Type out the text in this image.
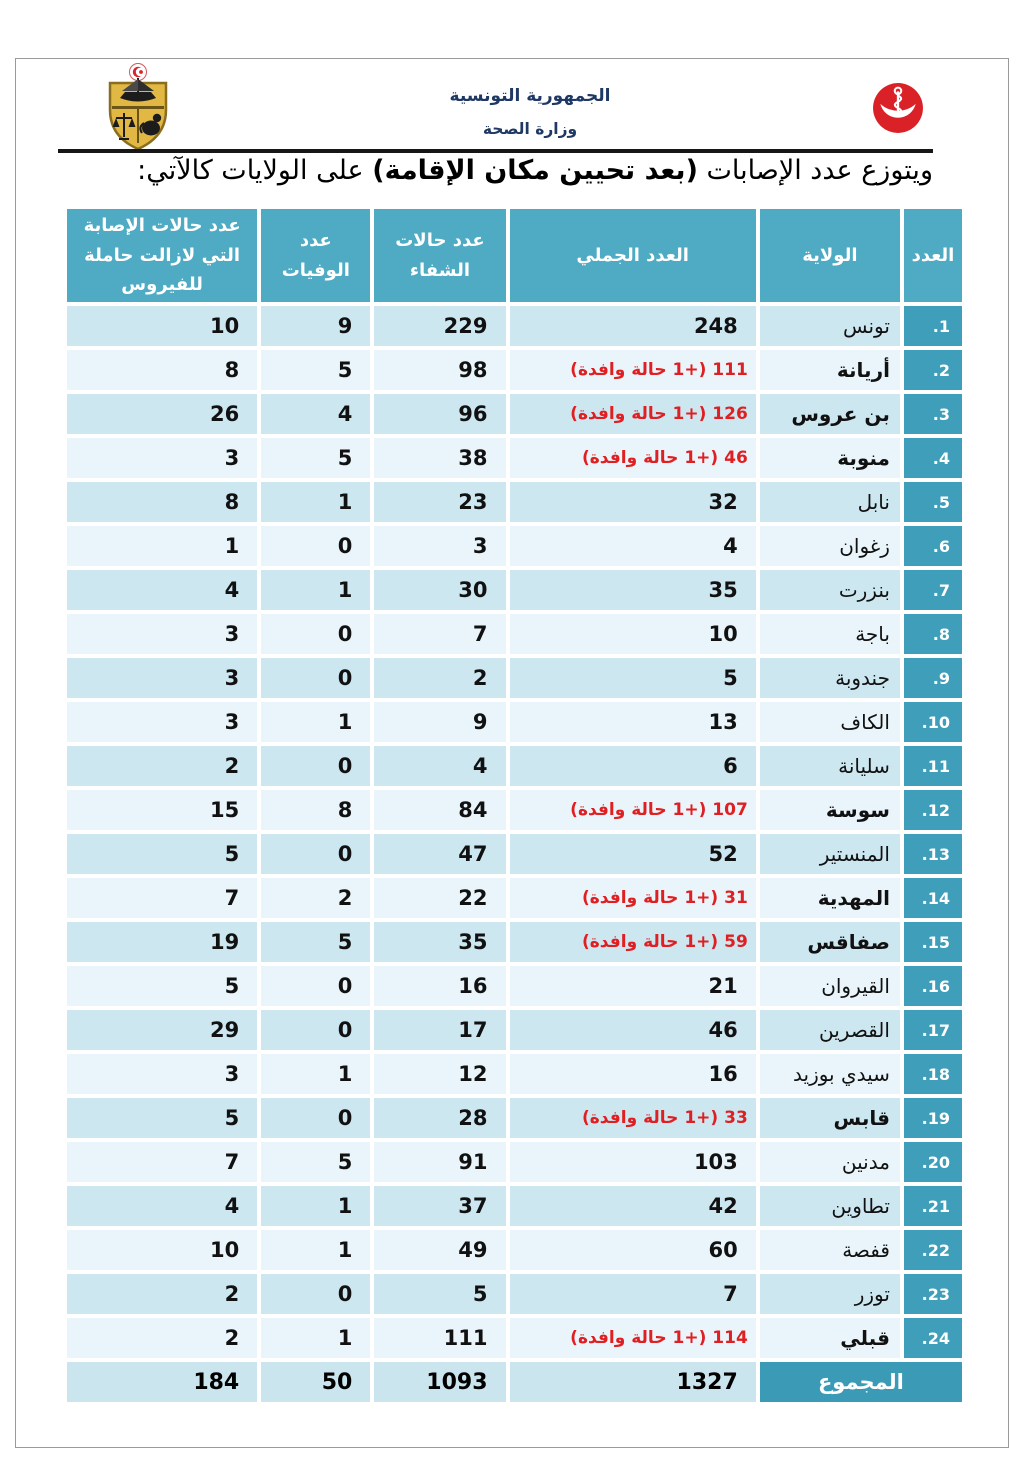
الجمهورية التونسية
وزارة الصحة
ويتوزع عدد الإصابات (بعد تحيين مكان الإقامة) على الولايات كالآتي:
العدد	الولاية	العدد الجملي	عدد حالات الشفاء	عدد الوفيات	عدد حالات الإصابة التي لازالت حاملة للفيروس
1.	تونس	248	229	9	10
2.	أريانة	111 (+1 حالة وافدة)	98	5	8
3.	بن عروس	126 (+1 حالة وافدة)	96	4	26
4.	منوبة	46 (+1 حالة وافدة)	38	5	3
5.	نابل	32	23	1	8
6.	زغوان	4	3	0	1
7.	بنزرت	35	30	1	4
8.	باجة	10	7	0	3
9.	جندوبة	5	2	0	3
10.	الكاف	13	9	1	3
11.	سليانة	6	4	0	2
12.	سوسة	107 (+1 حالة وافدة)	84	8	15
13.	المنستير	52	47	0	5
14.	المهدية	31 (+1 حالة وافدة)	22	2	7
15.	صفاقس	59 (+1 حالة وافدة)	35	5	19
16.	القيروان	21	16	0	5
17.	القصرين	46	17	0	29
18.	سيدي بوزيد	16	12	1	3
19.	قابس	33 (+1 حالة وافدة)	28	0	5
20.	مدنين	103	91	5	7
21.	تطاوين	42	37	1	4
22.	قفصة	60	49	1	10
23.	توزر	7	5	0	2
24.	قبلي	114 (+1 حالة وافدة)	111	1	2
المجموع		1327	1093	50	184
